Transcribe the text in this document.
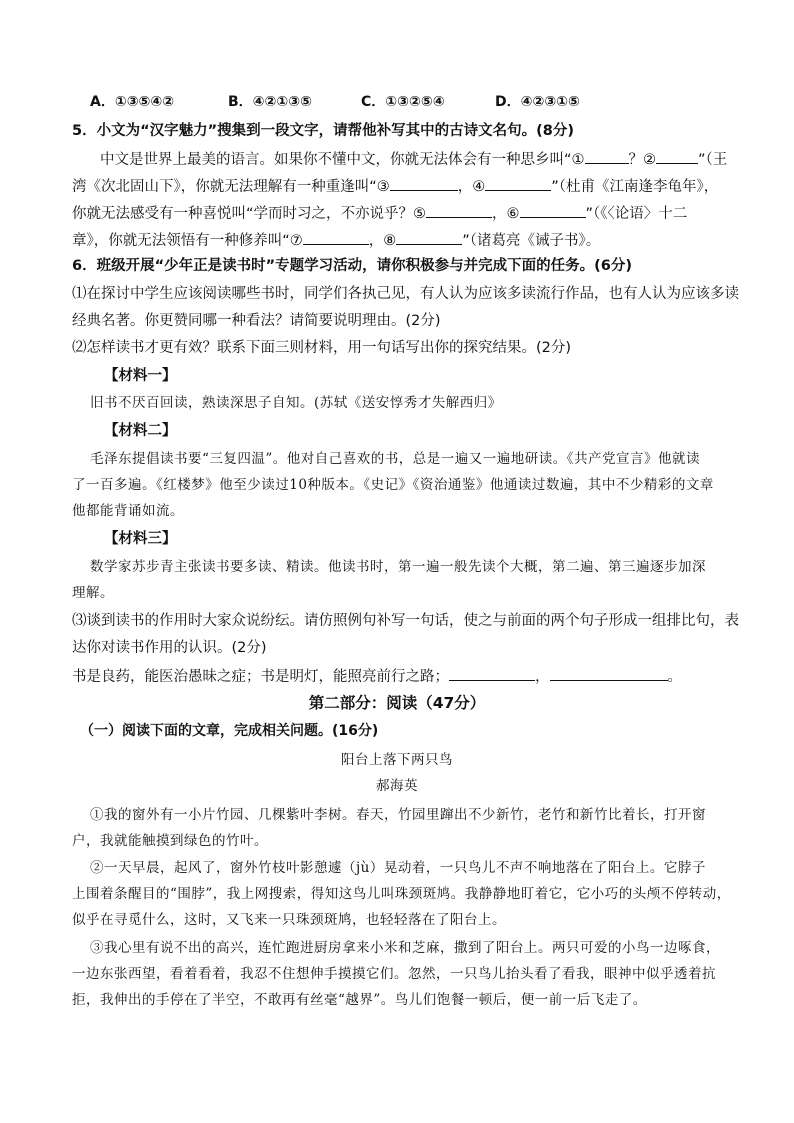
A．①③⑤④②	B．④②①③⑤	C．①③②⑤④	D．④②③①⑤
5．小文为“汉字魅力”搜集到一段文字，请帮他补写其中的古诗文名句。(8分)
中文是世界上最美的语言。如果你不懂中文，你就无法体会有一种思乡叫“①	？②	”（王
湾《次北固山下》，你就无法理解有一种重逢叫“③	，④	”（杜甫《江南逢李龟年》，
你就无法感受有一种喜悦叫“学而时习之，不亦说乎？⑤	，⑥	”（《〈论语〉十二
章》，你就无法领悟有一种修养叫“⑦	，⑧	”（诸葛亮《诫子书》。
6．班级开展“少年正是读书时”专题学习活动，请你积极参与并完成下面的任务。(6分)
⑴在探讨中学生应该阅读哪些书时，同学们各执己见，有人认为应该多读流行作品，也有人认为应该多读
经典名著。你更赞同哪一种看法？请简要说明理由。(2分)
⑵怎样读书才更有效？联系下面三则材料，用一句话写出你的探究结果。(2分)
【材料一】
旧书不厌百回读，熟读深思子自知。(苏轼《送安惇秀才失解西归》
【材料二】
毛泽东提倡读书要“三复四温”。他对自己喜欢的书，总是一遍又一遍地研读。《共产党宣言》他就读
了一百多遍。《红楼梦》他至少读过10种版本。《史记》《资治通鉴》他通读过数遍，其中不少精彩的文章
他都能背诵如流。
【材料三】
数学家苏步青主张读书要多读、精读。他读书时，第一遍一般先读个大概，第二遍、第三遍逐步加深
理解。
⑶谈到读书的作用时大家众说纷纭。请仿照例句补写一句话，使之与前面的两个句子形成一组排比句，表
达你对读书作用的认识。(2分)
书是良药，能医治愚昧之症；书是明灯，能照亮前行之路；	，	。
第二部分：阅读（47分）
（一）阅读下面的文章，完成相关问题。(16分)
阳台上落下两只鸟
郝海英
①我的窗外有一小片竹园、几棵紫叶李树。春天，竹园里蹿出不少新竹，老竹和新竹比着长，打开窗
户，我就能触摸到绿色的竹叶。
②一天早晨，起风了，窗外竹枝叶影憩遽（jù）晃动着，一只鸟儿不声不响地落在了阳台上。它脖子
上围着条醒目的“围脖”，我上网搜索，得知这鸟儿叫珠颈斑鸠。我静静地盯着它，它小巧的头颅不停转动，
似乎在寻觅什么，这时，又飞来一只珠颈斑鸠，也轻轻落在了阳台上。
③我心里有说不出的高兴，连忙跑进厨房拿来小米和芝麻，撒到了阳台上。两只可爱的小鸟一边啄食，
一边东张西望，看着看着，我忍不住想伸手摸摸它们。忽然，一只鸟儿抬头看了看我，眼神中似乎透着抗
拒，我伸出的手停在了半空，不敢再有丝毫“越界”。鸟儿们饱餐一顿后，便一前一后飞走了。
